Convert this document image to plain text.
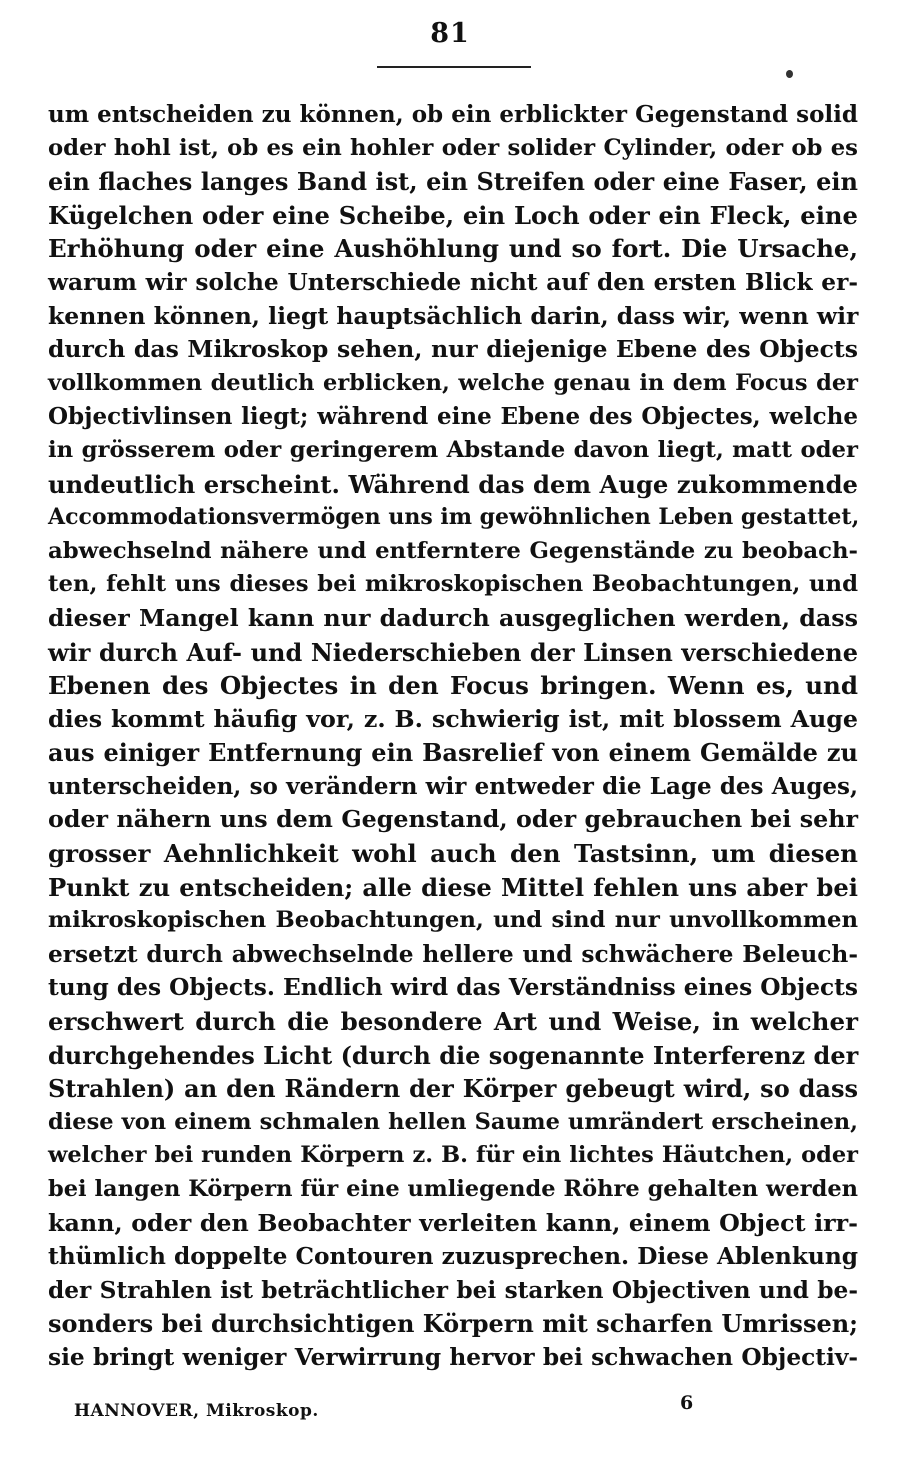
81
um entscheiden zu können, ob ein erblickter Gegenstand solid
oder hohl ist, ob es ein hohler oder solider Cylinder, oder ob es
ein flaches langes Band ist, ein Streifen oder eine Faser, ein
Kügelchen oder eine Scheibe, ein Loch oder ein Fleck, eine
Erhöhung oder eine Aushöhlung und so fort. Die Ursache,
warum wir solche Unterschiede nicht auf den ersten Blick er-
kennen können, liegt hauptsächlich darin, dass wir, wenn wir
durch das Mikroskop sehen, nur diejenige Ebene des Objects
vollkommen deutlich erblicken, welche genau in dem Focus der
Objectivlinsen liegt; während eine Ebene des Objectes, welche
in grösserem oder geringerem Abstande davon liegt, matt oder
undeutlich erscheint. Während das dem Auge zukommende
Accommodationsvermögen uns im gewöhnlichen Leben gestattet,
abwechselnd nähere und entferntere Gegenstände zu beobach-
ten, fehlt uns dieses bei mikroskopischen Beobachtungen, und
dieser Mangel kann nur dadurch ausgeglichen werden, dass
wir durch Auf- und Niederschieben der Linsen verschiedene
Ebenen des Objectes in den Focus bringen. Wenn es, und
dies kommt häufig vor, z. B. schwierig ist, mit blossem Auge
aus einiger Entfernung ein Basrelief von einem Gemälde zu
unterscheiden, so verändern wir entweder die Lage des Auges,
oder nähern uns dem Gegenstand, oder gebrauchen bei sehr
grosser Aehnlichkeit wohl auch den Tastsinn, um diesen
Punkt zu entscheiden; alle diese Mittel fehlen uns aber bei
mikroskopischen Beobachtungen, und sind nur unvollkommen
ersetzt durch abwechselnde hellere und schwächere Beleuch-
tung des Objects. Endlich wird das Verständniss eines Objects
erschwert durch die besondere Art und Weise, in welcher
durchgehendes Licht (durch die sogenannte Interferenz der
Strahlen) an den Rändern der Körper gebeugt wird, so dass
diese von einem schmalen hellen Saume umrändert erscheinen,
welcher bei runden Körpern z. B. für ein lichtes Häutchen, oder
bei langen Körpern für eine umliegende Röhre gehalten werden
kann, oder den Beobachter verleiten kann, einem Object irr-
thümlich doppelte Contouren zuzusprechen. Diese Ablenkung
der Strahlen ist beträchtlicher bei starken Objectiven und be-
sonders bei durchsichtigen Körpern mit scharfen Umrissen;
sie bringt weniger Verwirrung hervor bei schwachen Objectiv-
HANNOVER, Mikroskop.	6
